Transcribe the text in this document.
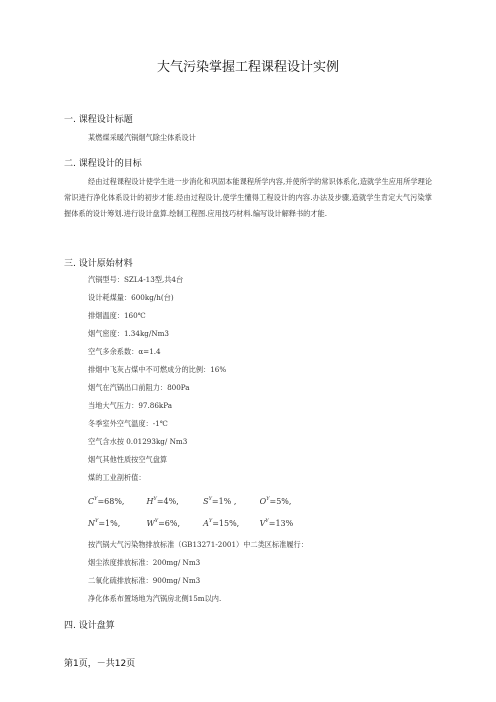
大气污染掌握工程课程设计实例
一. 课程设计标题
某燃煤采暖汽锅烟气除尘体系设计
二. 课程设计的目标
经由过程课程设计使学生进一步消化和巩固本能课程所学内容,并使所学的常识体系化,造就学生应用所学理论常识进行净化体系设计的初步才能.经由过程设计,使学生懂得工程设计的内容.办法及步骤,造就学生肯定大气污染掌握体系的设计筹划.进行设计盘算.绘制工程图.应用技巧材料.编写设计解释书的才能.
三. 设计原始材料
汽锅型号：SZL4-13型,共4台
设计耗煤量：600kg/h(台)
排烟温度：160℃
烟气密度：1.34kg/Nm3
空气多余系数：α=1.4
排烟中飞灰占煤中不可燃成分的比例：16%
烟气在汽锅出口前阻力：800Pa
当地大气压力：97.86kPa
冬季室外空气温度：-1℃
空气含水按 0.01293kg/ Nm3
烟气其他性质按空气盘算
煤的工业剖析值：
$C^Y=68\%$,	$H^Y=4\%$,	$S^Y=1\%$ ,	$O^Y=5\%$,
$N^Y=1\%$,	$W^Y=6\%$,	$A^Y=15\%$,	$V^Y=13\%$
按汽锅大气污染物排放标准（GB13271-2001）中二类区标准履行：
烟尘浓度排放标准：200mg/ Nm3
二氧化硫排放标准：900mg/ Nm3
净化体系布置场地为汽锅房北侧15m以内.
四. 设计盘算
第1页，－共12页
